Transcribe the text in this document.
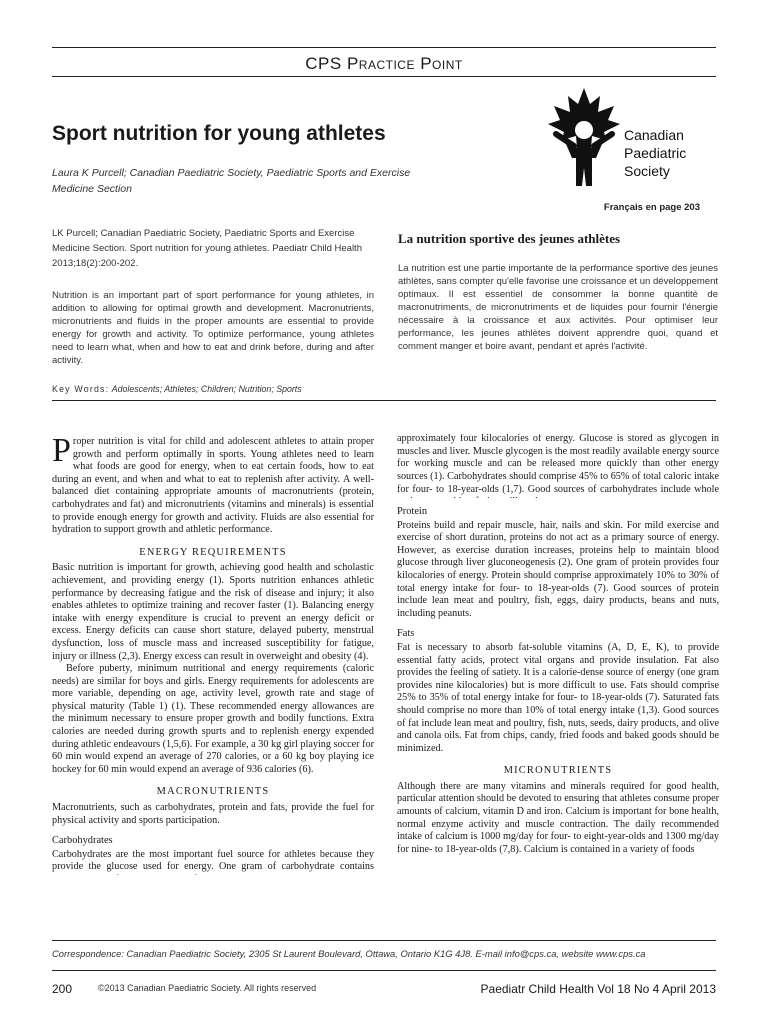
CPS Practice Point
Sport nutrition for young athletes
Laura K Purcell; Canadian Paediatric Society, Paediatric Sports and Exercise Medicine Section
Canadian
Paediatric
Society
Français en page 203
LK Purcell; Canadian Paediatric Society, Paediatric Sports and Exercise Medicine Section. Sport nutrition for young athletes. Paediatr Child Health 2013;18(2):200-202.
Nutrition is an important part of sport performance for young athletes, in addition to allowing for optimal growth and development. Macronutrients, micronutrients and fluids in the proper amounts are essential to provide energy for growth and activity. To optimize performance, young athletes need to learn what, when and how to eat and drink before, during and after activity.
Key Words: Adolescents; Athletes; Children; Nutrition; Sports
La nutrition sportive des jeunes athlètes
La nutrition est une partie importante de la performance sportive des jeunes athlètes, sans compter qu'elle favorise une croissance et un développement optimaux. Il est essentiel de consommer la bonne quantité de macronutriments, de micronutriments et de liquides pour fournir l'énergie nécessaire à la croissance et aux activités. Pour optimiser leur performance, les jeunes athlètes doivent apprendre quoi, quand et comment manger et boire avant, pendant et après l'activité.

Proper nutrition is vital for child and adolescent athletes to attain proper growth and perform optimally in sports. Young athletes need to learn what foods are good for energy, when to eat certain foods, how to eat during an event, and when and what to eat to replenish after activity. A well-balanced diet containing appropriate amounts of macronutrients (protein, carbohydrates and fat) and micronutrients (vitamins and minerals) is essential to provide enough energy for growth and activity. Fluids are also essential for hydration to support growth and athletic performance.

ENERGY REQUIREMENTS

Basic nutrition is important for growth, achieving good health and scholastic achievement, and providing energy (1). Sports nutrition enhances athletic performance by decreasing fatigue and the risk of disease and injury; it also enables athletes to optimize training and recover faster (1). Balancing energy intake with energy expenditure is crucial to prevent an energy deficit or excess. Energy deficits can cause short stature, delayed puberty, menstrual dysfunction, loss of muscle mass and increased susceptibility for fatigue, injury or illness (2,3). Energy excess can result in overweight and obesity (4).

Before puberty, minimum nutritional and energy requirements (caloric needs) are similar for boys and girls. Energy requirements for adolescents are more variable, depending on age, activity level, growth rate and stage of physical maturity (Table 1) (1). These recommended energy allowances are the minimum necessary to ensure proper growth and bodily functions. Extra calories are needed during growth spurts and to replenish energy expended during athletic endeavours (1,5,6). For example, a 30 kg girl playing soccer for 60 min would expend an average of 270 calories, or a 60 kg boy playing ice hockey for 60 min would expend an average of 936 calories (6).

MACRONUTRIENTS

Macronutrients, such as carbohydrates, protein and fats, provide the fuel for physical activity and sports participation.

Carbohydrates

Carbohydrates are the most important fuel source for athletes because they provide the glucose used for energy. One gram of carbohydrate contains

approximately four kilocalories of energy. Glucose is stored as glycogen in muscles and liver. Muscle glycogen is the most readily available energy source for working muscle and can be released more quickly than other energy sources (1). Carbohydrates should comprise 45% to 65% of total caloric intake for four- to 18-year-olds (1,7). Good sources of carbohydrates include whole

Protein

Proteins build and repair muscle, hair, nails and skin. For mild exercise and exercise of short duration, proteins do not act as a primary source of energy. However, as exercise duration increases, proteins help to maintain blood glucose through liver gluconeogenesis (2). One gram of protein provides four kilocalories of energy. Protein should comprise approximately 10% to 30% of total energy intake for four- to 18-year-olds (7). Good sources of protein include lean meat and poultry, fish, eggs, dairy products, beans and nuts, including peanuts.

Fats

Fat is necessary to absorb fat-soluble vitamins (A, D, E, K), to provide essential fatty acids, protect vital organs and provide insulation. Fat also provides the feeling of satiety. It is a calorie-dense source of energy (one gram provides nine kilocalories) but is more difficult to use. Fats should comprise 25% to 35% of total energy intake for four- to 18-year-olds (7). Saturated fats should comprise no more than 10% of total energy intake (1,3). Good sources of fat include lean meat and poultry, fish, nuts, seeds, dairy products, and olive and canola oils. Fat from chips, candy, fried foods and baked goods should be minimized.

MICRONUTRIENTS

Although there are many vitamins and minerals required for good health, particular attention should be devoted to ensuring that athletes consume proper amounts of calcium, vitamin D and iron. Calcium is important for bone health, normal enzyme activity and muscle contraction. The daily recommended intake of calcium is 1000 mg/day for four- to eight-year-olds and 1300 mg/day for nine- to 18-year-olds (7,8). Calcium is contained in a variety of foods

Correspondence: Canadian Paediatric Society, 2305 St Laurent Boulevard, Ottawa, Ontario K1G 4J8. E-mail info@cps.ca, website www.cps.ca
200	©2013 Canadian Paediatric Society. All rights reserved	Paediatr Child Health Vol 18 No 4 April 2013
